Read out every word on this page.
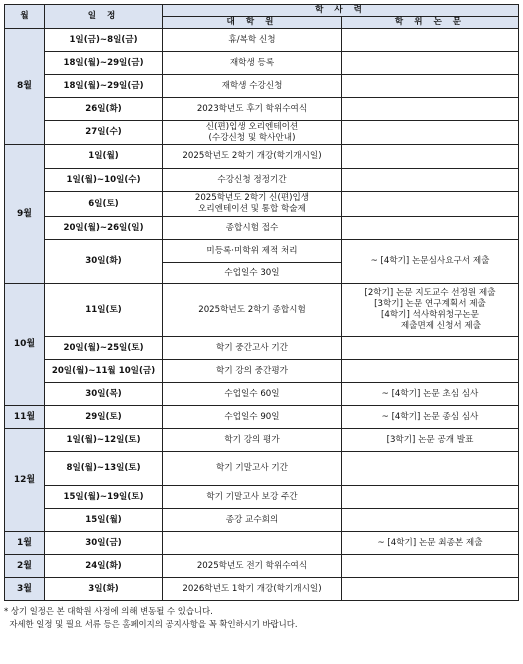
월	일 정	학 사 력	
		대 학 원	학 위 논 문
8월	1일(금)~8일(금)	휴/복학 신청	
	18일(월)~29일(금)	재학생 등록	
	18일(월)~29일(금)	재학생 수강신청	
	26일(화)	2023학년도 후기 학위수여식	
	27일(수)	신(편)입생 오리엔테이션
(수강신청 및 학사안내)	

9월	1일(월)	2025학년도 2학기 개강(학기개시일)	
	1일(월)~10일(수)	수강신청 정정기간	
	6일(토)	2025학년도 2학기 신(편)입생
오리엔테이션 및 통합 학술제	

	20일(월)~26일(일)	종합시험 접수	
	30일(화)	미등록·미학위 제적 처리	~ [4학기] 논문심사요구서 제출
		수업일수 30일	
10월	11일(토)	2025학년도 2학기 종합시험	[2학기] 논문 지도교수 선정원 제출
[3학기] 논문 연구계획서 제출
[4학기] 석사학위청구논문
제출면제 신청서 제출

	20일(월)~25일(토)	학기 중간고사 기간	
	20일(월)~11월 10일(금)	학기 강의 중간평가	
	30일(목)	수업일수 60일	~ [4학기] 논문 초심 심사
11월	29일(토)	수업일수 90일	~ [4학기] 논문 종심 심사
12월	1일(월)~12일(토)	학기 강의 평가	[3학기] 논문 공개 발표
	8일(월)~13일(토)	학기 기말고사 기간	
	15일(월)~19일(토)	학기 기말고사 보강 주간	
	15일(월)	종강 교수회의	
1월	30일(금)		~ [4학기] 논문 최종본 제출
2월	24일(화)	2025학년도 전기 학위수여식	
3월	3일(화)	2026학년도 1학기 개강(학기개시일)	
* 상기 일정은 본 대학원 사정에 의해 변동될 수 있습니다.
자세한 일정 및 필요 서류 등은 홈페이지의 공지사항을 꼭 확인하시기 바랍니다.
